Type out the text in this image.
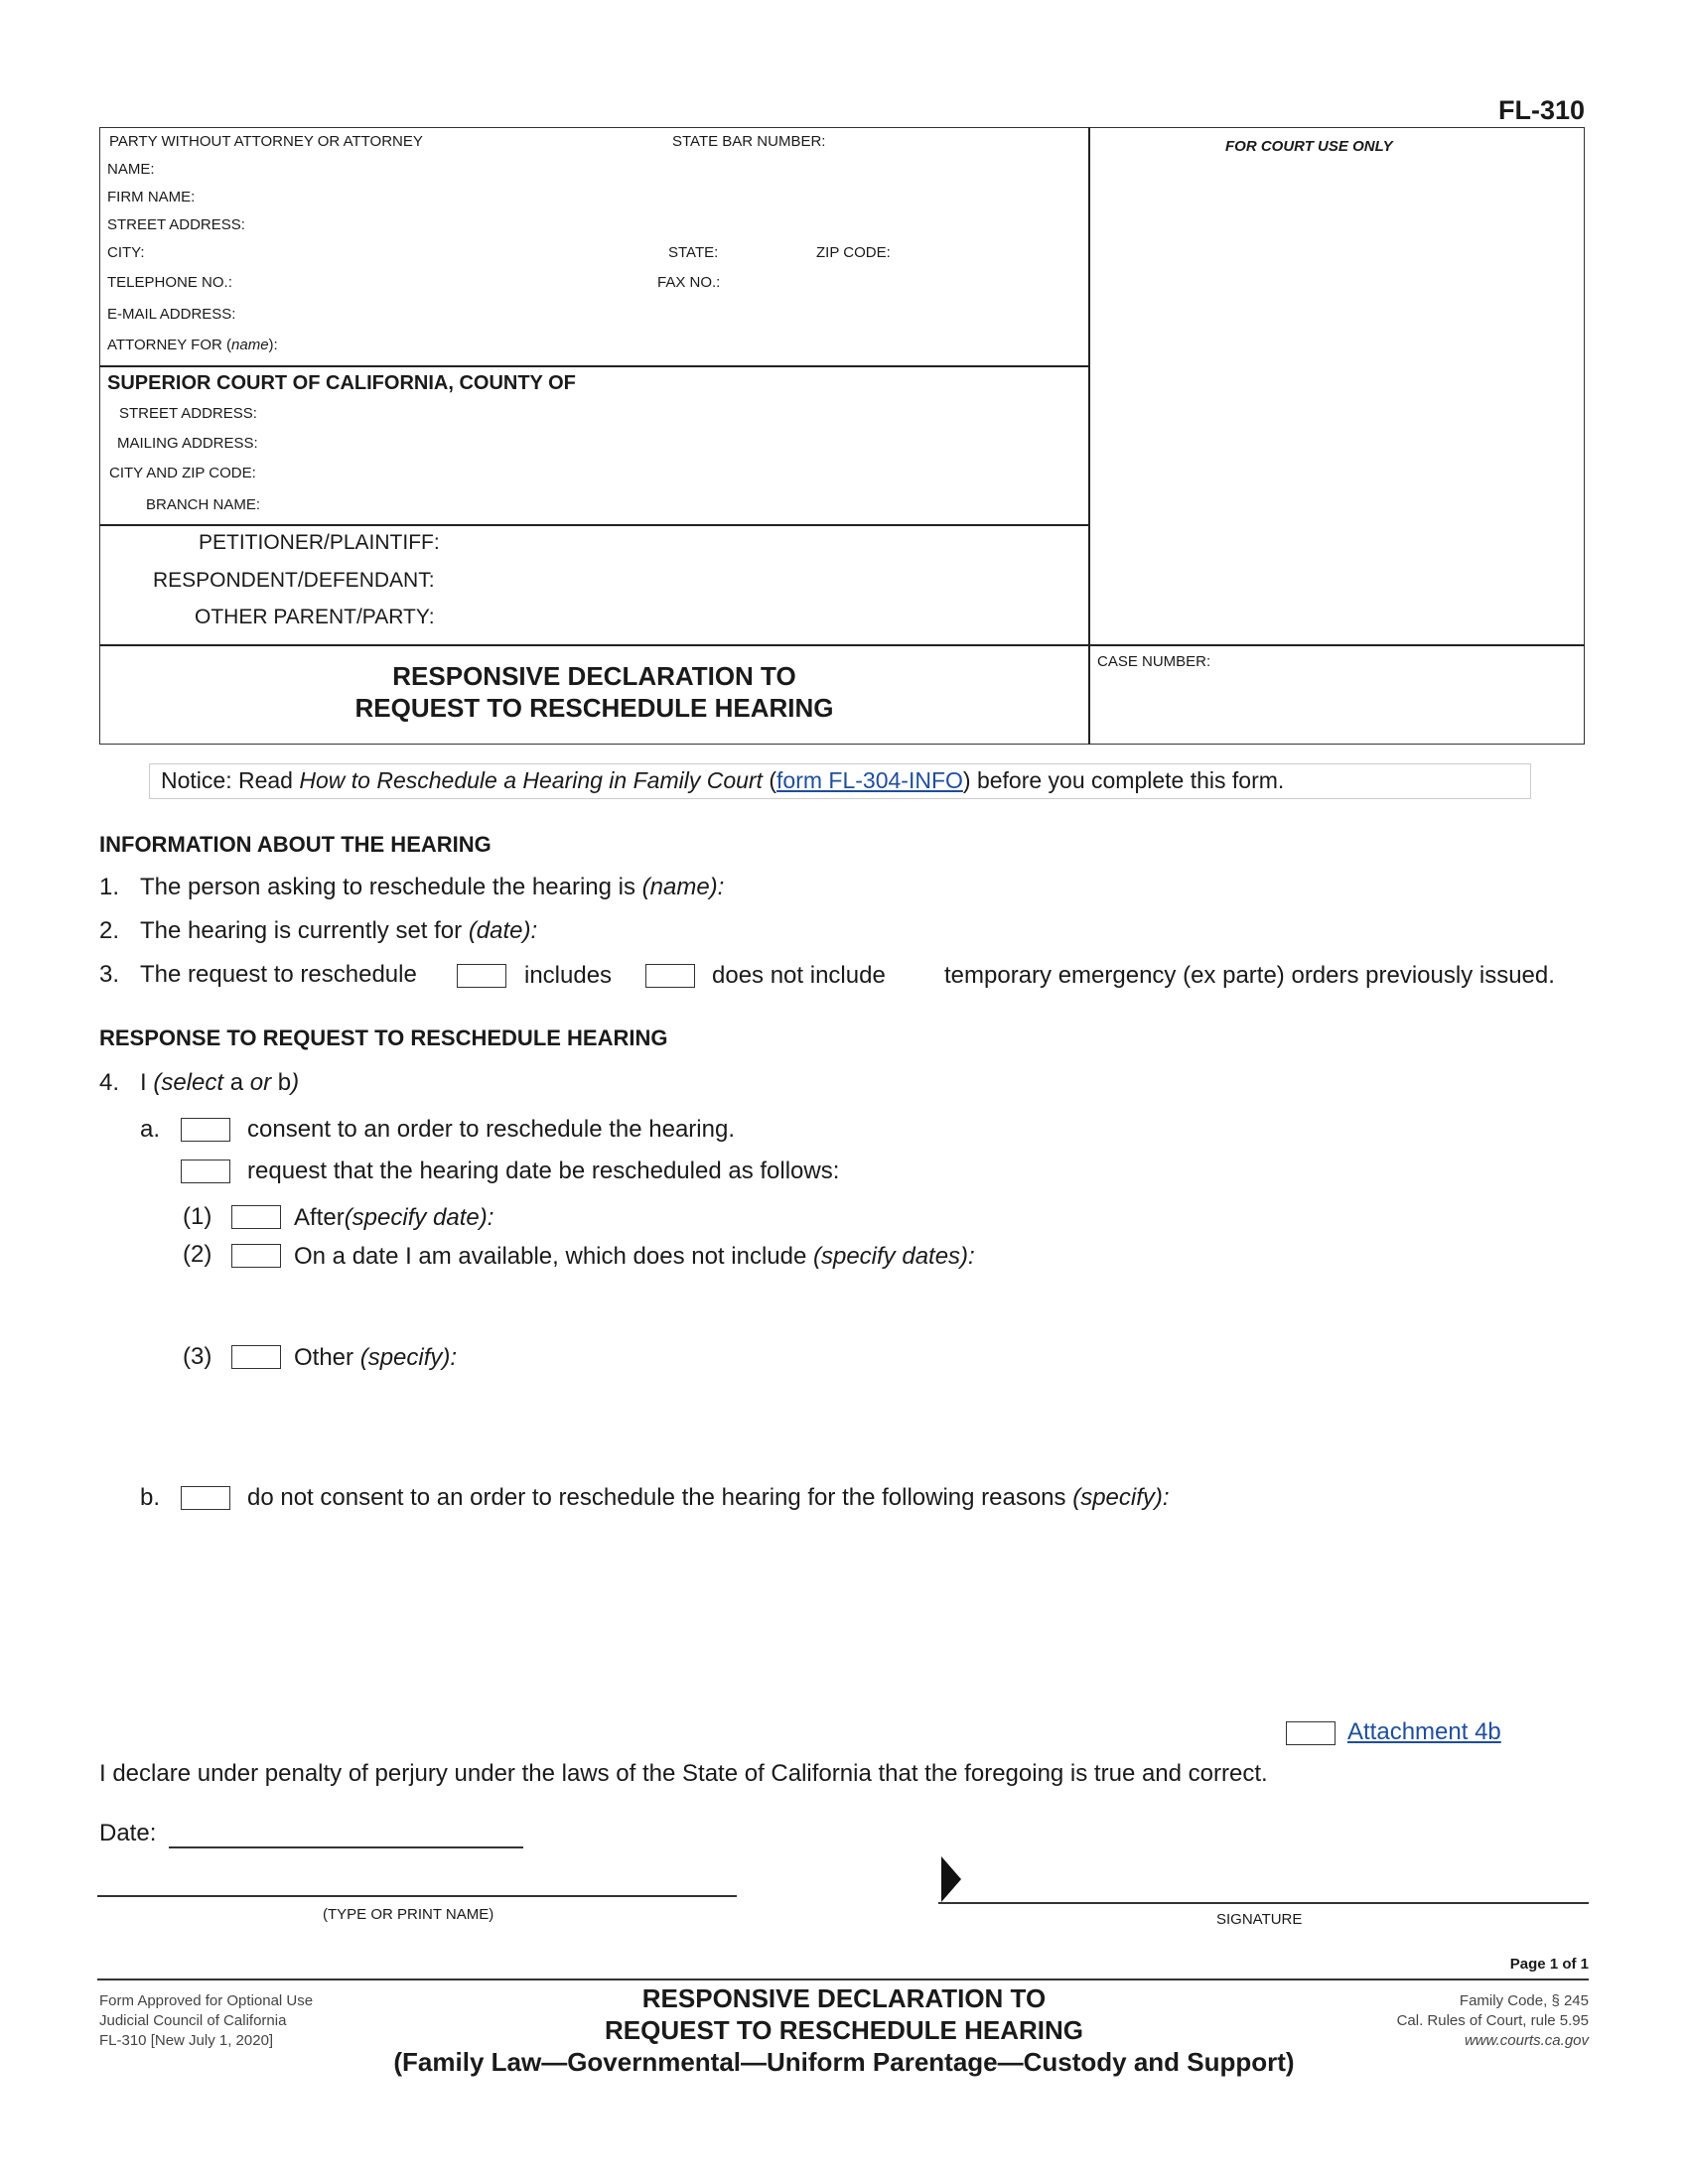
FL-310
PARTY WITHOUT ATTORNEY OR ATTORNEY	STATE BAR NUMBER:
NAME:
FIRM NAME:
STREET ADDRESS:
CITY:	STATE:	ZIP CODE:
TELEPHONE NO.:	FAX NO.:
E-MAIL ADDRESS:
ATTORNEY FOR (name):
FOR COURT USE ONLY
SUPERIOR COURT OF CALIFORNIA, COUNTY OF
STREET ADDRESS:
MAILING ADDRESS:
CITY AND ZIP CODE:
BRANCH NAME:
PETITIONER/PLAINTIFF:
RESPONDENT/DEFENDANT:
OTHER PARENT/PARTY:
RESPONSIVE DECLARATION TO
REQUEST TO RESCHEDULE HEARING
CASE NUMBER:
Notice: Read How to Reschedule a Hearing in Family Court (form FL-304-INFO) before you complete this form.
INFORMATION ABOUT THE HEARING
1. The person asking to reschedule the hearing is (name):
2. The hearing is currently set for (date):
3. The request to reschedule	includes	does not include temporary emergency (ex parte) orders previously issued.
RESPONSE TO REQUEST TO RESCHEDULE HEARING
4. I (select a or b)
a.	consent to an order to reschedule the hearing.
request that the hearing date be rescheduled as follows:
(1)	After(specify date):
(2)	On a date I am available, which does not include (specify dates):
(3)	Other (specify):
b.	do not consent to an order to reschedule the hearing for the following reasons (specify):
Attachment 4b
I declare under penalty of perjury under the laws of the State of California that the foregoing is true and correct.
Date:
(TYPE OR PRINT NAME)	SIGNATURE
Page 1 of 1
Form Approved for Optional Use
Judicial Council of California
FL-310 [New July 1, 2020]
RESPONSIVE DECLARATION TO
REQUEST TO RESCHEDULE HEARING
(Family Law—Governmental—Uniform Parentage—Custody and Support)
Family Code, § 245
Cal. Rules of Court, rule 5.95
www.courts.ca.gov
